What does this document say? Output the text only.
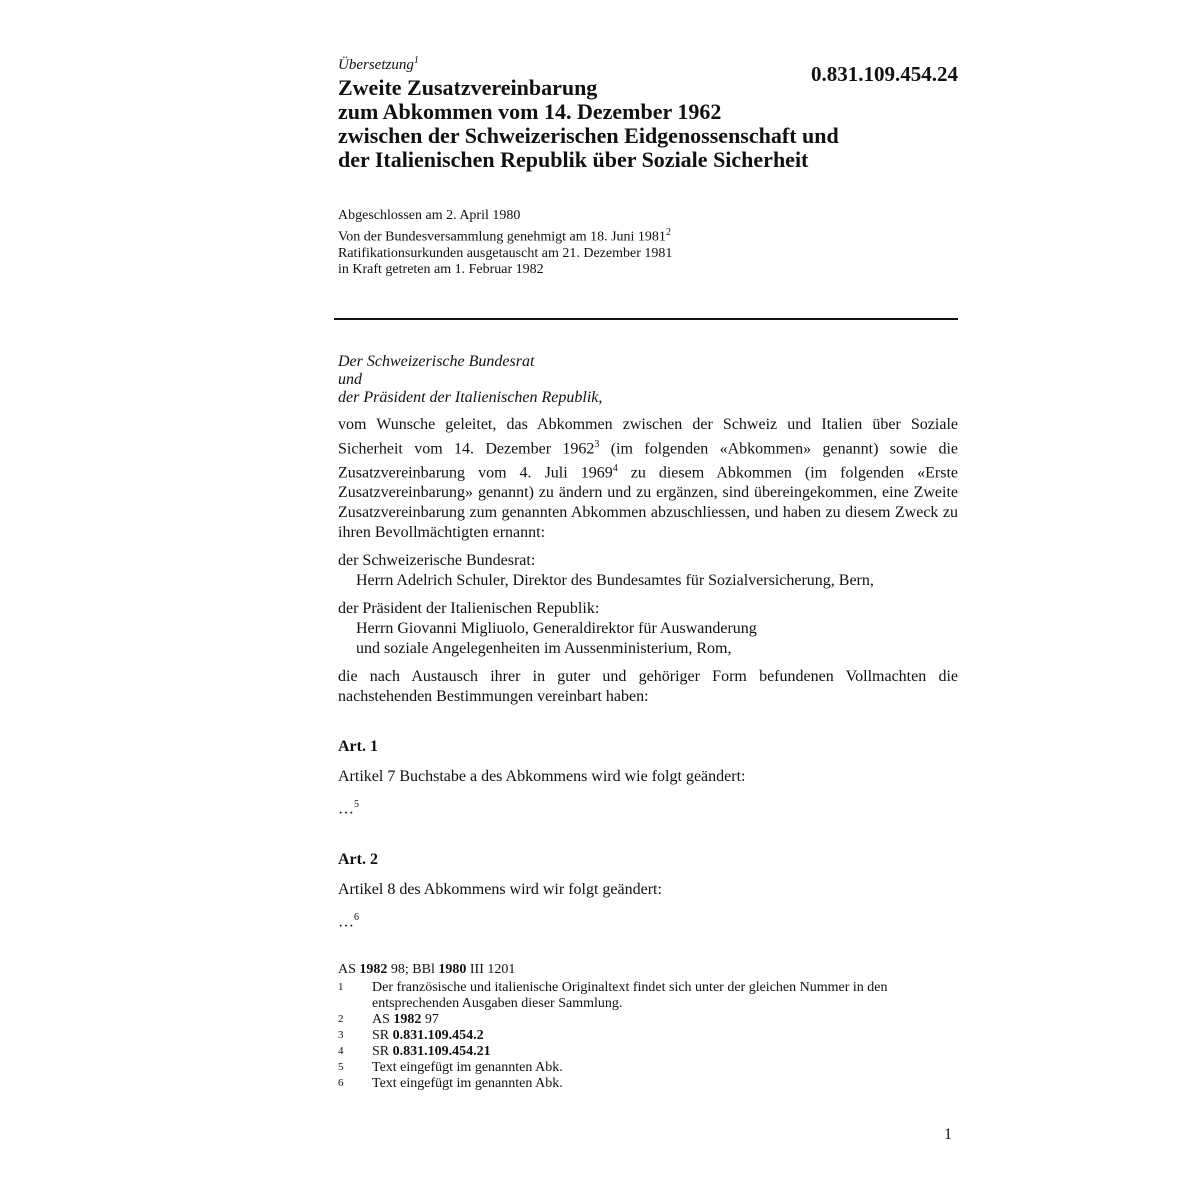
Übersetzung$^1$

0.831.109.454.24
Zweite Zusatzvereinbarung
zum Abkommen vom 14. Dezember 1962
zwischen der Schweizerischen Eidgenossenschaft und
der Italienischen Republik über Soziale Sicherheit
Abgeschlossen am 2. April 1980
Von der Bundesversammlung genehmigt am 18. Juni 1981$^2$
Ratifikationsurkunden ausgetauscht am 21. Dezember 1981
in Kraft getreten am 1. Februar 1982
Der Schweizerische Bundesrat
und
der Präsident der Italienischen Republik,

vom Wunsche geleitet, das Abkommen zwischen der Schweiz und Italien über Soziale Sicherheit vom 14. Dezember 1962$^3$ (im folgenden «Abkommen» genannt) sowie die Zusatzvereinbarung vom 4. Juli 1969$^4$ zu diesem Abkommen (im folgenden «Erste Zusatzvereinbarung» genannt) zu ändern und zu ergänzen, sind übereingekommen, eine Zweite Zusatzvereinbarung zum genannten Abkommen abzuschliessen, und haben zu diesem Zweck zu ihren Bevollmächtigten ernannt:

der Schweizerische Bundesrat:
Herrn Adelrich Schuler, Direktor des Bundesamtes für Sozialversicherung, Bern,
der Präsident der Italienischen Republik:
Herrn Giovanni Migliuolo, Generaldirektor für Auswanderung
und soziale Angelegenheiten im Aussenministerium, Rom,

die nach Austausch ihrer in guter und gehöriger Form befundenen Vollmachten die nachstehenden Bestimmungen vereinbart haben:

Art. 1
Artikel 7 Buchstabe a des Abkommens wird wie folgt geändert:
…$^5$
Art. 2
Artikel 8 des Abkommens wird wir folgt geändert:
…$^6$
AS 1982 98; BBl 1980 III 1201
1	Der französische und italienische Originaltext findet sich unter der gleichen Nummer in den entsprechenden Ausgaben dieser Sammlung.
2	AS 1982 97
3	SR 0.831.109.454.2
4	SR 0.831.109.454.21
5	Text eingefügt im genannten Abk.
6	Text eingefügt im genannten Abk.
1
